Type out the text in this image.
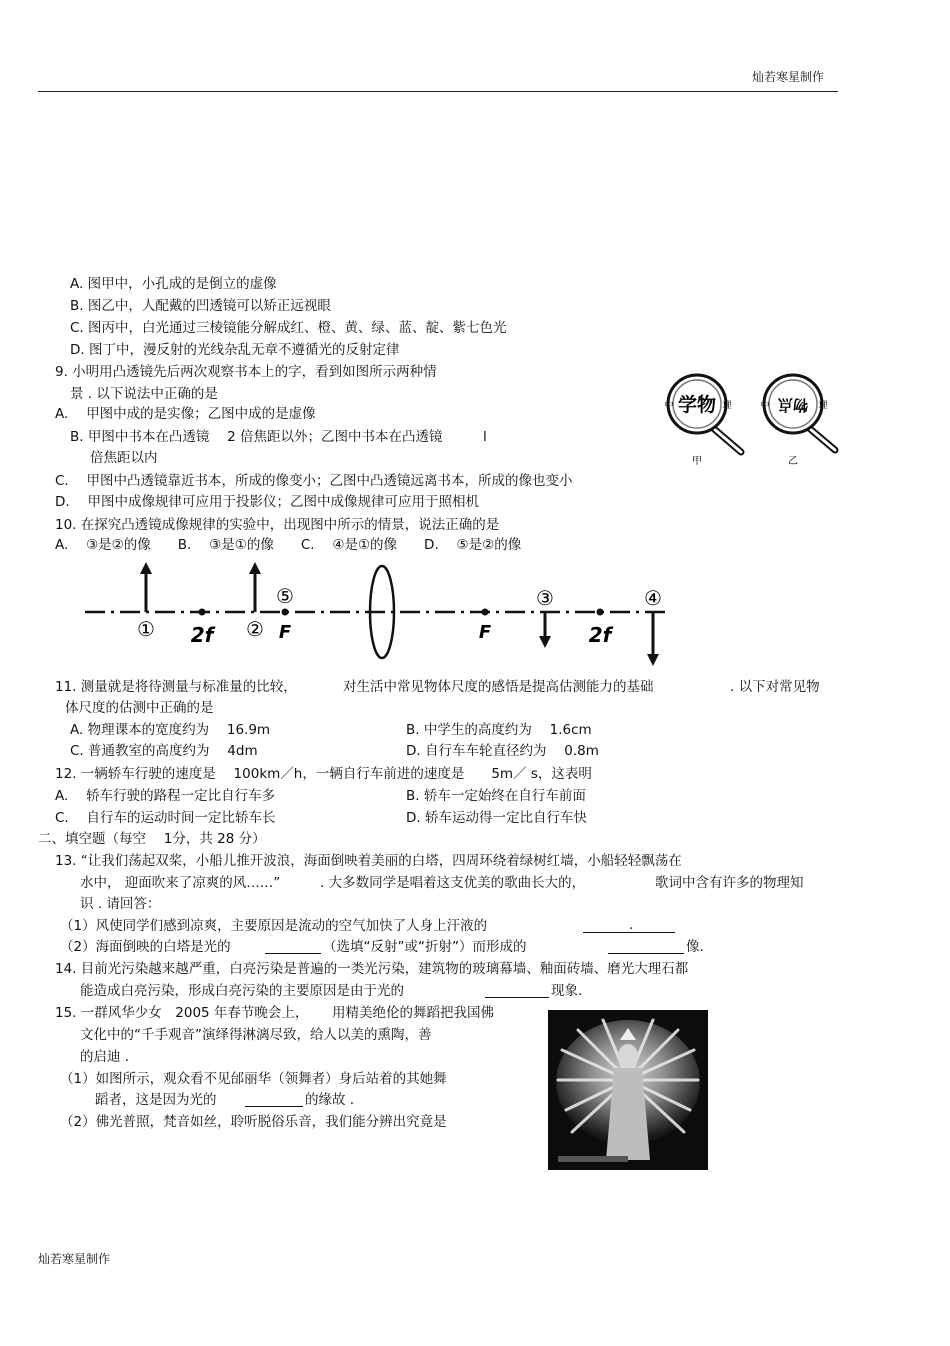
灿若寒星制作
A. 图甲中，小孔成的是倒立的虚像
B. 图乙中，人配戴的凹透镜可以矫正远视眼
C. 图丙中，白光通过三棱镜能分解成红、橙、黄、绿、蓝、靛、紫七色光
D. 图丁中，漫反射的光线杂乱无章不遵循光的反射定律
9. 小明用凸透镜先后两次观察书本上的字，看到如图所示两种情
景 . 以下说法中正确的是
A.　 甲图中成的是实像；乙图中成的是虚像
B. 甲图中书本在凸透镜　 2 倍焦距以外；乙图中书本在凸透镜　　　l
倍焦距以内
C.　 甲图中凸透镜靠近书本，所成的像变小；乙图中凸透镜远离书本，所成的像也变小
D.　 甲图中成像规律可应用于投影仪；乙图中成像规律可应用于照相机
中 学物 理
甲
中 物点 理
乙
10. 在探究凸透镜成像规律的实验中，出现图中所示的情景，说法正确的是
A.　 ③是②的像　　B.　 ③是①的像　　C.　 ④是①的像　　D.　 ⑤是②的像
① 2f ②
⑤
F	F
③
2f
④
11. 测量就是将待测量与标准量的比较，	对生活中常见物体尺度的感悟是提高估测能力的基础	. 以下对常见物
体尺度的估测中正确的是
A. 物理课本的宽度约为　 16.9m	B. 中学生的高度约为　 1.6cm
C. 普通教室的高度约为　 4dm	D. 自行车车轮直径约为　 0.8m
12. 一辆轿车行驶的速度是　 100km／h，一辆自行车前进的速度是　　5m／ s，这表明
A.　 轿车行驶的路程一定比自行车多	B. 轿车一定始终在自行车前面
C.　 自行车的运动时间一定比轿车长	D. 轿车运动得一定比自行车快
二、填空题（每空　 1分，共 28 分）
13. “让我们荡起双桨，小船儿推开波浪，海面倒映着美丽的白塔，四周环绕着绿树红墙，小船轻轻飘荡在
水中， 迎面吹来了凉爽的风……”	. 大多数同学是唱着这支优美的歌曲长大的，	歌词中含有许多的物理知
识 . 请回答：
（1）风使同学们感到凉爽，主要原因是流动的空气加快了人身上汗液的	.
（2）海面倒映的白塔是光的	（选填“反射”或“折射”）而形成的	像.
14. 目前光污染越来越严重，白亮污染是普遍的一类光污染，建筑物的玻璃幕墙、釉面砖墙、磨光大理石都
能造成白亮污染，形成白亮污染的主要原因是由于光的	现象.
15. 一群风华少女　2005 年春节晚会上， 用精美绝伦的舞蹈把我国佛
文化中的“千手观音”演绎得淋漓尽致，给人以美的熏陶，善
的启迪 .
（1）如图所示，观众看不见邰丽华（领舞者）身后站着的其她舞
蹈者，这是因为光的	的缘故 .
（2）佛光普照，梵音如丝，聆听脱俗乐音，我们能分辨出究竟是
灿若寒星制作
